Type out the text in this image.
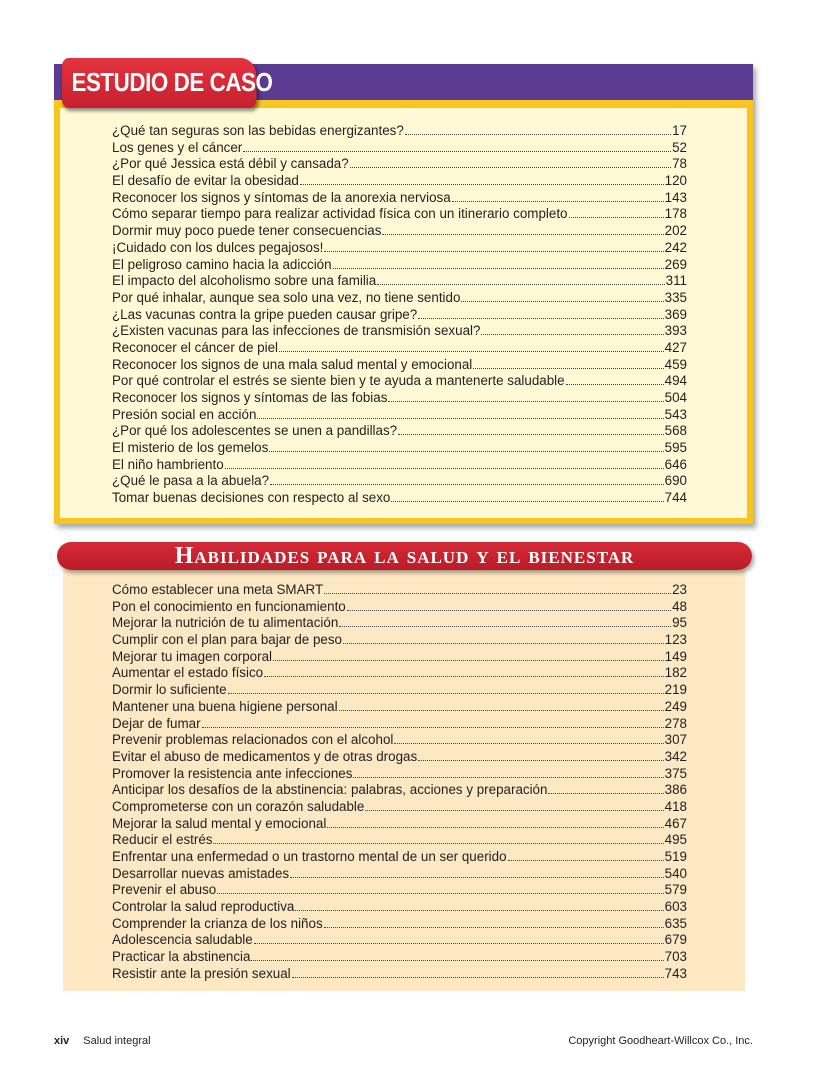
ESTUDIO DE CASO
¿Qué tan seguras son las bebidas energizantes?	17
Los genes y el cáncer	52
¿Por qué Jessica está débil y cansada?	78
El desafío de evitar la obesidad	120
Reconocer los signos y síntomas de la anorexia nerviosa	143
Cómo separar tiempo para realizar actividad física con un itinerario completo	178
Dormir muy poco puede tener consecuencias	202
¡Cuidado con los dulces pegajosos!	242
El peligroso camino hacia la adicción	269
El impacto del alcoholismo sobre una familia	311
Por qué inhalar, aunque sea solo una vez, no tiene sentido	335
¿Las vacunas contra la gripe pueden causar gripe?	369
¿Existen vacunas para las infecciones de transmisión sexual?	393
Reconocer el cáncer de piel	427
Reconocer los signos de una mala salud mental y emocional	459
Por qué controlar el estrés se siente bien y te ayuda a mantenerte saludable	494
Reconocer los signos y síntomas de las fobias	504
Presión social en acción	543
¿Por qué los adolescentes se unen a pandillas?	568
El misterio de los gemelos	595
El niño hambriento	646
¿Qué le pasa a la abuela?	690
Tomar buenas decisiones con respecto al sexo	744
Habilidades para la salud y el bienestar
Cómo establecer una meta SMART	23
Pon el conocimiento en funcionamiento	48
Mejorar la nutrición de tu alimentación	95
Cumplir con el plan para bajar de peso	123
Mejorar tu imagen corporal	149
Aumentar el estado físico	182
Dormir lo suficiente	219
Mantener una buena higiene personal	249
Dejar de fumar	278
Prevenir problemas relacionados con el alcohol	307
Evitar el abuso de medicamentos y de otras drogas	342
Promover la resistencia ante infecciones	375
Anticipar los desafíos de la abstinencia: palabras, acciones y preparación	386
Comprometerse con un corazón saludable	418
Mejorar la salud mental y emocional	467
Reducir el estrés	495
Enfrentar una enfermedad o un trastorno mental de un ser querido	519
Desarrollar nuevas amistades	540
Prevenir el abuso	579
Controlar la salud reproductiva	603
Comprender la crianza de los niños	635
Adolescencia saludable	679
Practicar la abstinencia	703
Resistir ante la presión sexual	743
xiv Salud integral	Copyright Goodheart-Willcox Co., Inc.
